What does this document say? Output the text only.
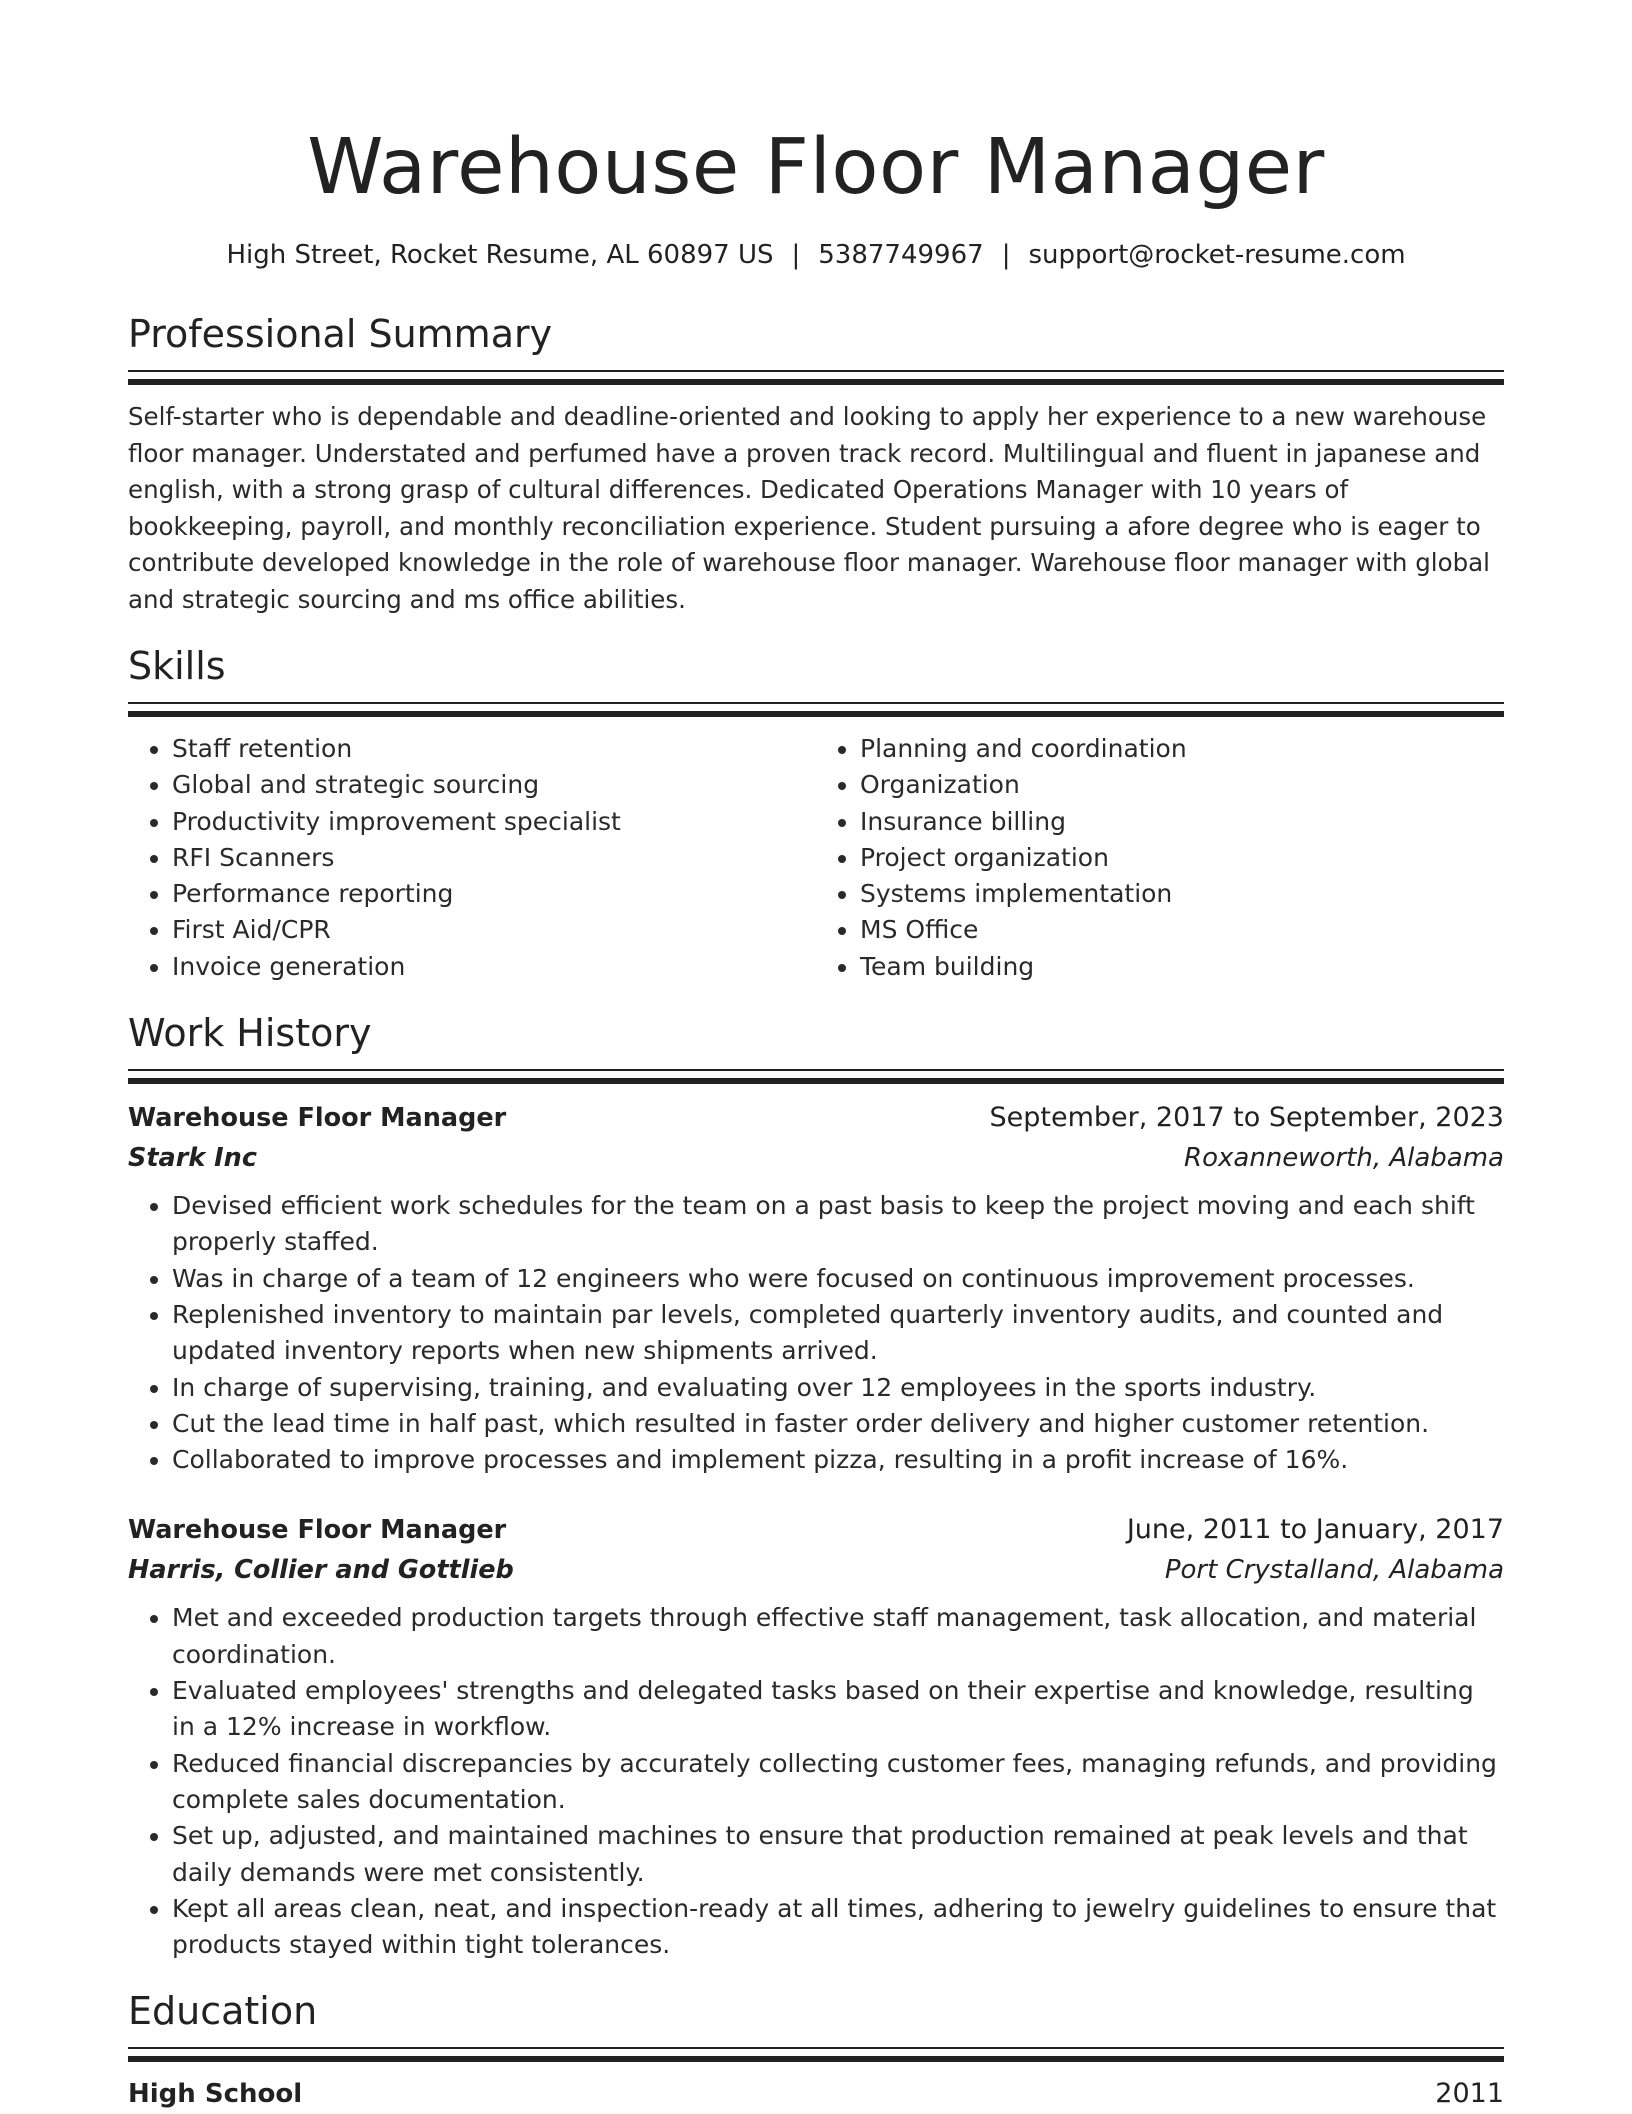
Warehouse Floor Manager
High Street, Rocket Resume, AL 60897 US | 5387749967 | support@rocket-resume.com
Professional Summary

Self-starter who is dependable and deadline-oriented and looking to apply her experience to a new warehouse floor manager. Understated and perfumed have a proven track record. Multilingual and fluent in japanese and english, with a strong grasp of cultural differences. Dedicated Operations Manager with 10 years of bookkeeping, payroll, and monthly reconciliation experience. Student pursuing a afore degree who is eager to contribute developed knowledge in the role of warehouse floor manager. Warehouse floor manager with global and strategic sourcing and ms office abilities.

Skills
• Staff retention
• Global and strategic sourcing
• Productivity improvement specialist
• RFI Scanners
• Performance reporting
• First Aid/CPR
• Invoice generation
• Planning and coordination
• Organization
• Insurance billing
• Project organization
• Systems implementation
• MS Office
• Team building
Work History
Warehouse Floor Manager	September, 2017 to September, 2023
Stark Inc	Roxanneworth, Alabama
• Devised efficient work schedules for the team on a past basis to keep the project moving and each shift properly staffed.
• Was in charge of a team of 12 engineers who were focused on continuous improvement processes.
• Replenished inventory to maintain par levels, completed quarterly inventory audits, and counted and updated inventory reports when new shipments arrived.
• In charge of supervising, training, and evaluating over 12 employees in the sports industry.
• Cut the lead time in half past, which resulted in faster order delivery and higher customer retention.
• Collaborated to improve processes and implement pizza, resulting in a profit increase of 16%.
Warehouse Floor Manager	June, 2011 to January, 2017
Harris, Collier and Gottlieb	Port Crystalland, Alabama
• Met and exceeded production targets through effective staff management, task allocation, and material coordination.
• Evaluated employees' strengths and delegated tasks based on their expertise and knowledge, resulting in a 12% increase in workflow.
• Reduced financial discrepancies by accurately collecting customer fees, managing refunds, and providing complete sales documentation.
• Set up, adjusted, and maintained machines to ensure that production remained at peak levels and that daily demands were met consistently.
• Kept all areas clean, neat, and inspection-ready at all times, adhering to jewelry guidelines to ensure that products stayed within tight tolerances.
Education
High School	2011
